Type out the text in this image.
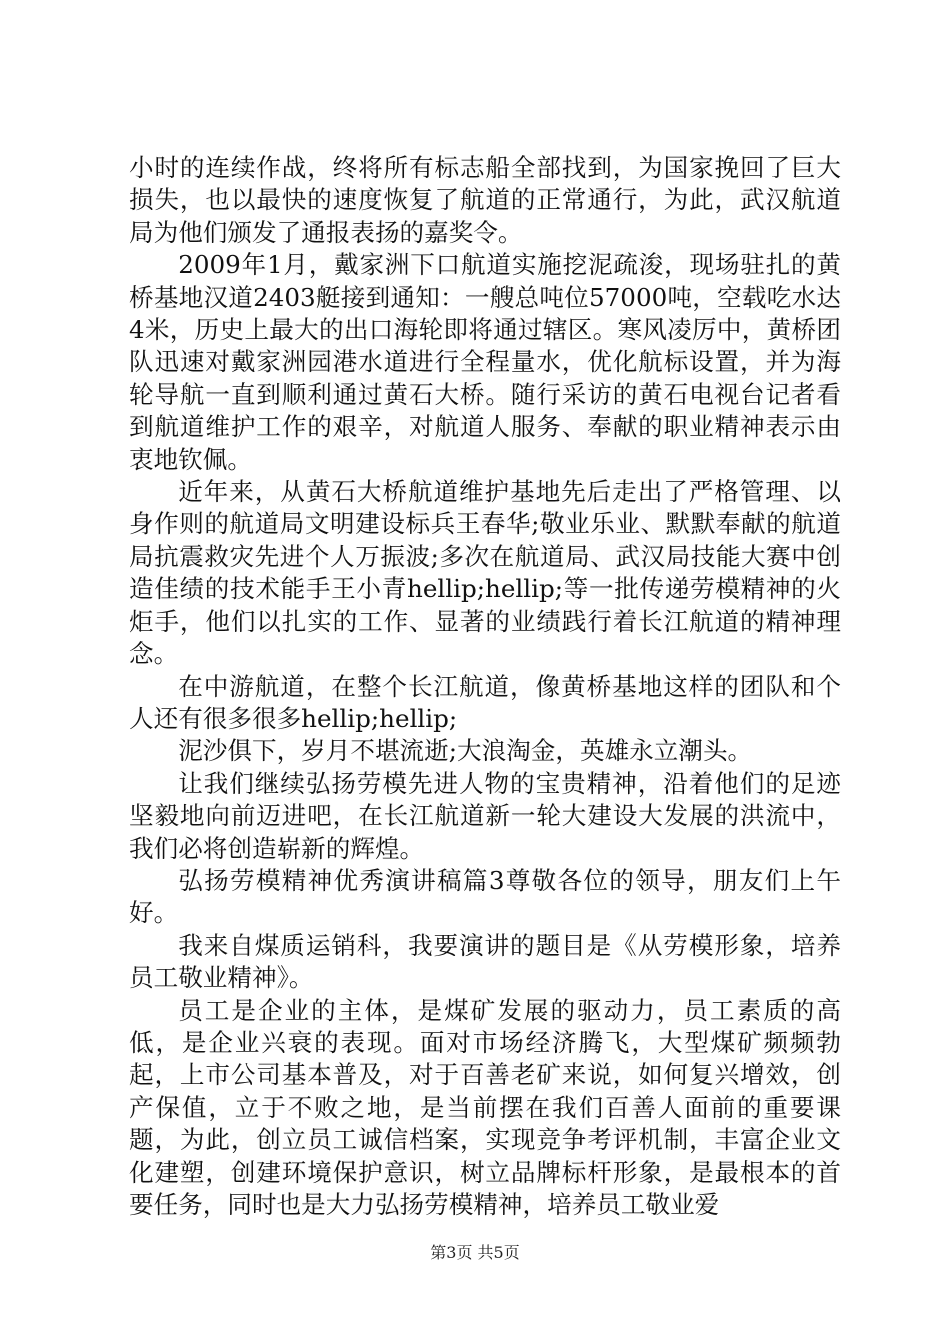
小时的连续作战，终将所有标志船全部找到，为国家挽回了巨大损失，也以最快的速度恢复了航道的正常通行，为此，武汉航道局为他们颁发了通报表扬的嘉奖令。

2009年1月，戴家洲下口航道实施挖泥疏浚，现场驻扎的黄桥基地汉道2403艇接到通知：一艘总吨位57000吨，空载吃水达4米，历史上最大的出口海轮即将通过辖区。寒风凌厉中，黄桥团队迅速对戴家洲园港水道进行全程量水，优化航标设置，并为海轮导航一直到顺利通过黄石大桥。随行采访的黄石电视台记者看到航道维护工作的艰辛，对航道人服务、奉献的职业精神表示由衷地钦佩。

近年来，从黄石大桥航道维护基地先后走出了严格管理、以身作则的航道局文明建设标兵王春华;敬业乐业、默默奉献的航道局抗震救灾先进个人万振波;多次在航道局、武汉局技能大赛中创造佳绩的技术能手王小青hellip;hellip;等一批传递劳模精神的火炬手，他们以扎实的工作、显著的业绩践行着长江航道的精神理念。

在中游航道，在整个长江航道，像黄桥基地这样的团队和个人还有很多很多hellip;hellip;

泥沙俱下，岁月不堪流逝;大浪淘金，英雄永立潮头。

让我们继续弘扬劳模先进人物的宝贵精神，沿着他们的足迹坚毅地向前迈进吧，在长江航道新一轮大建设大发展的洪流中，我们必将创造崭新的辉煌。

弘扬劳模精神优秀演讲稿篇3尊敬各位的领导，朋友们上午好。

我来自煤质运销科，我要演讲的题目是《从劳模形象，培养员工敬业精神》。

员工是企业的主体，是煤矿发展的驱动力，员工素质的高低，是企业兴衰的表现。面对市场经济腾飞，大型煤矿频频勃起，上市公司基本普及，对于百善老矿来说，如何复兴增效，创产保值，立于不败之地，是当前摆在我们百善人面前的重要课题，为此，创立员工诚信档案，实现竞争考评机制，丰富企业文化建塑，创建环境保护意识，树立品牌标杆形象，是最根本的首要任务，同时也是大力弘扬劳模精神，培养员工敬业爱

第3页 共5页
